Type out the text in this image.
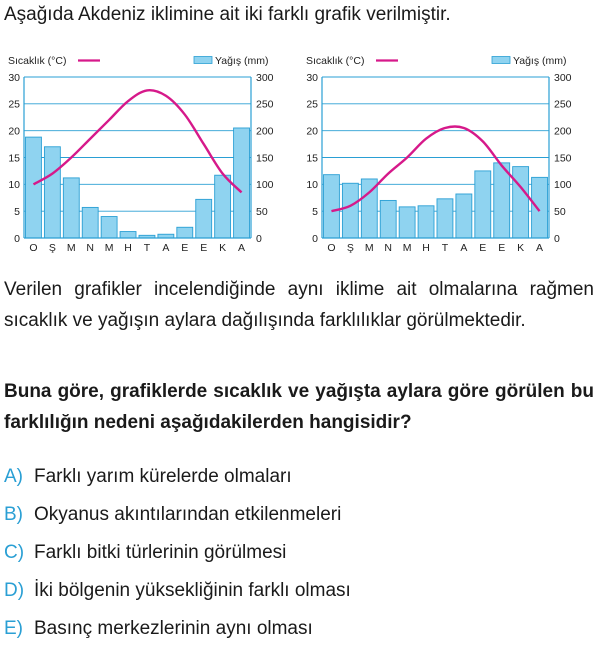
Aşağıda Akdeniz iklimine ait iki farklı grafik verilmiştir.
Sıcaklık (°C)	Yağış (mm)
0
5
10
15
20
25
30
0
50
100
150
200
250
300
O Ş M N M H T A E E K A
Sıcaklık (°C)	Yağış (mm)
0
5
10
15
20
25
30
0
50
100
150
200
250
300
O Ş M N M H T A E E K A
Verilen grafikler incelendiğinde aynı iklime ait olmalarına rağmen sıcaklık ve yağışın aylara dağılışında farklılıklar görülmektedir.
Buna göre, grafiklerde sıcaklık ve yağışta aylara göre görülen bu farklılığın nedeni aşağıdakilerden hangisidir?
A) Farklı yarım kürelerde olmaları
B) Okyanus akıntılarından etkilenmeleri
C) Farklı bitki türlerinin görülmesi
D) İki bölgenin yüksekliğinin farklı olması
E) Basınç merkezlerinin aynı olması
